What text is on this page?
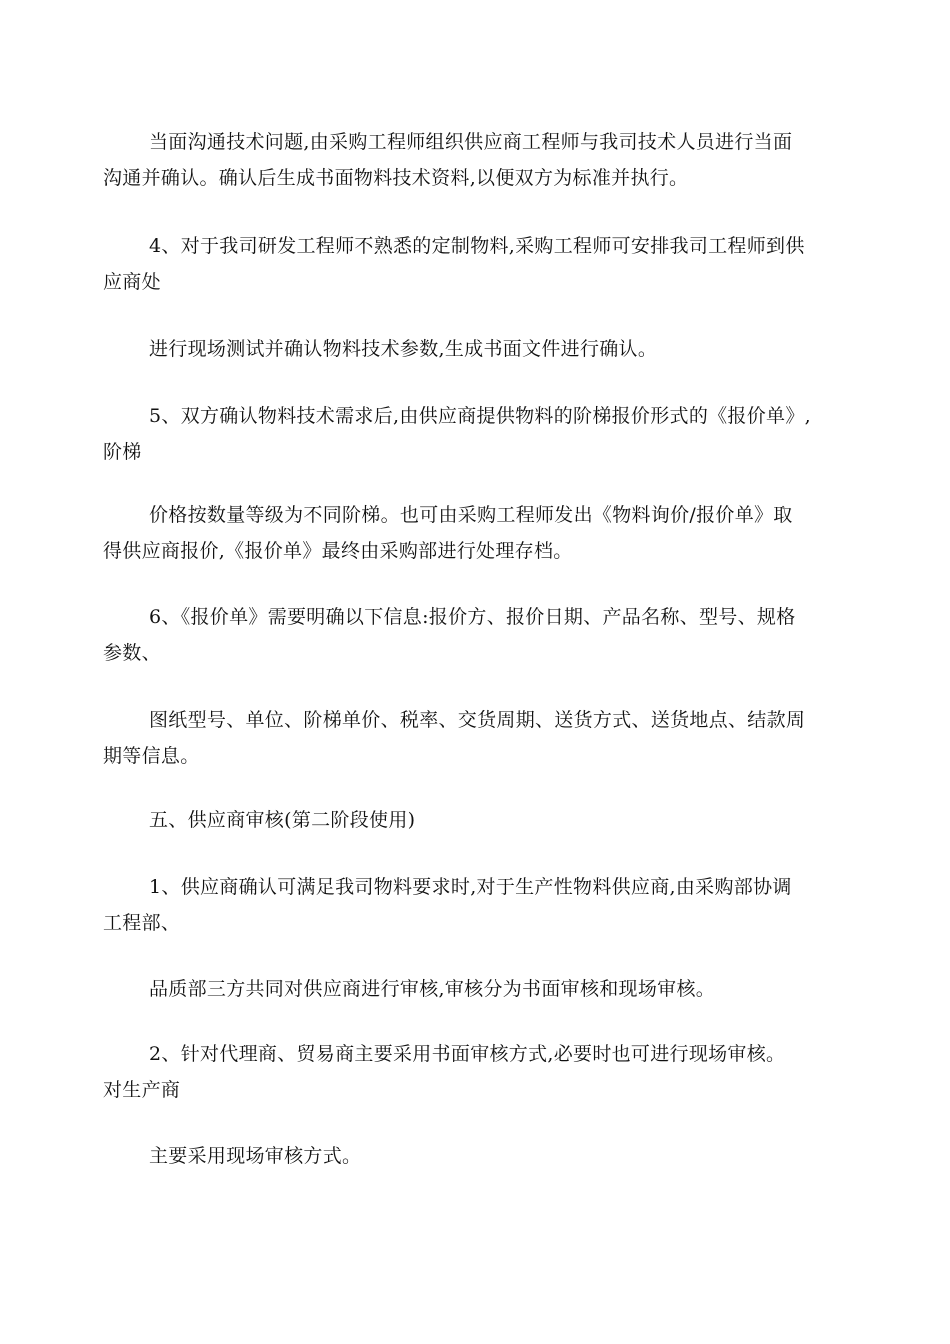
当面沟通技术问题,由采购工程师组织供应商工程师与我司技术人员进行当面
沟通并确认。确认后生成书面物料技术资料,以便双方为标准并执行。

4、对于我司研发工程师不熟悉的定制物料,采购工程师可安排我司工程师到供
应商处

进行现场测试并确认物料技术参数,生成书面文件进行确认。

5、双方确认物料技术需求后,由供应商提供物料的阶梯报价形式的《报价单》,
阶梯

价格按数量等级为不同阶梯。也可由采购工程师发出《物料询价/报价单》取
得供应商报价,《报价单》最终由采购部进行处理存档。

6、《报价单》需要明确以下信息:报价方、报价日期、产品名称、型号、规格
参数、

图纸型号、单位、阶梯单价、税率、交货周期、送货方式、送货地点、结款周
期等信息。

五、供应商审核(第二阶段使用)

1、供应商确认可满足我司物料要求时,对于生产性物料供应商,由采购部协调
工程部、

品质部三方共同对供应商进行审核,审核分为书面审核和现场审核。

2、针对代理商、贸易商主要采用书面审核方式,必要时也可进行现场审核。
对生产商

主要采用现场审核方式。
